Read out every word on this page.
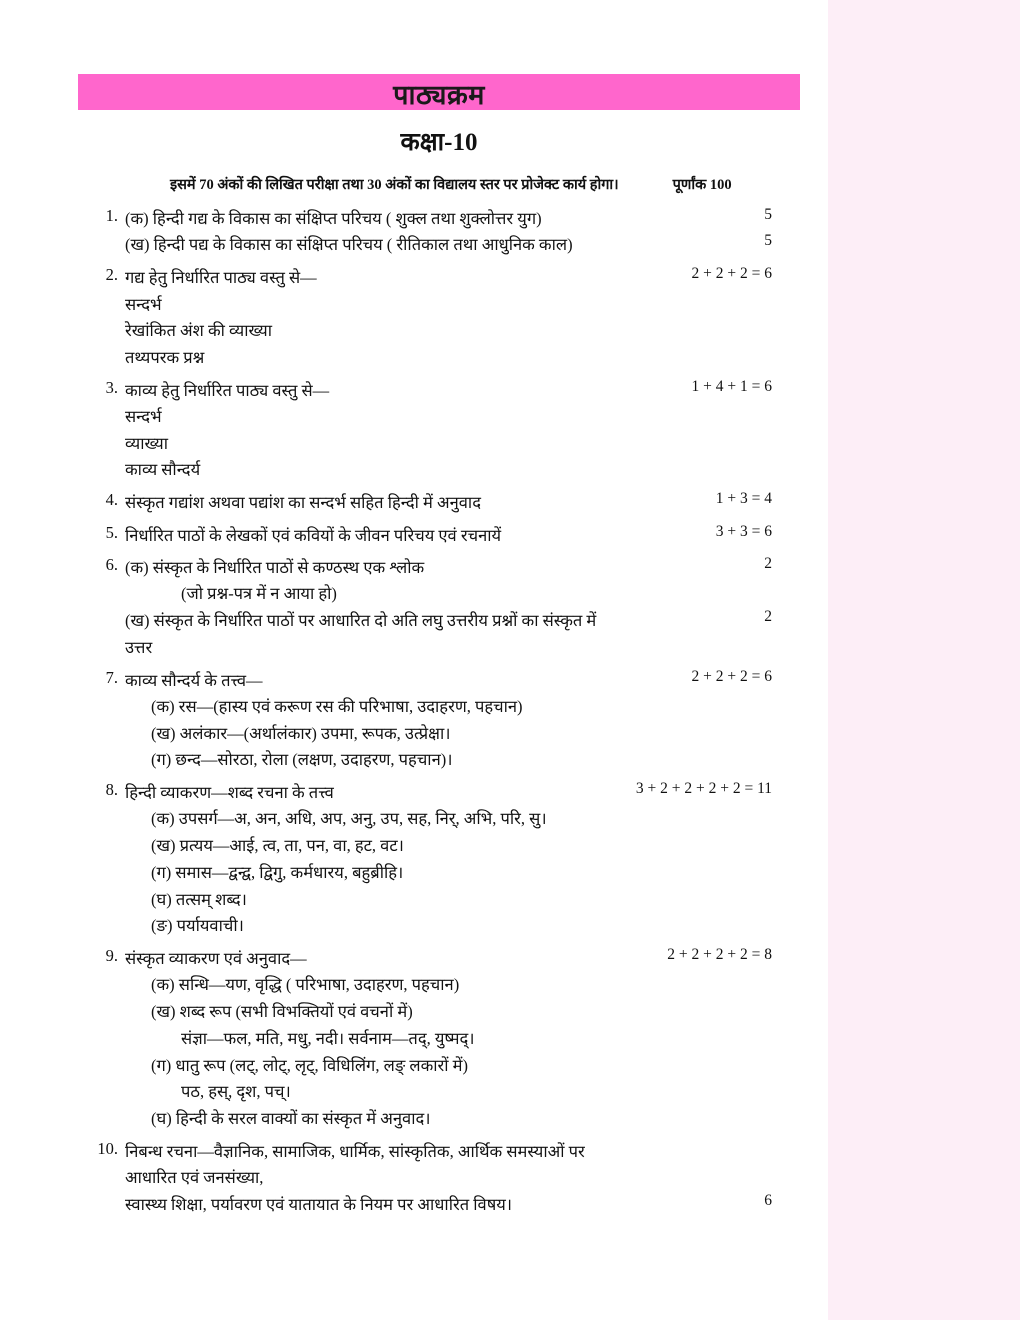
पाठ्यक्रम
कक्षा-10
इसमें 70 अंकों की लिखित परीक्षा तथा 30 अंकों का विद्यालय स्तर पर प्रोजेक्ट कार्य होगा।	पूर्णांक 100
1.	(क) हिन्दी गद्य के विकास का संक्षिप्त परिचय ( शुक्ल तथा शुक्लोत्तर युग)	5

	(ख) हिन्दी पद्य के विकास का संक्षिप्त परिचय ( रीतिकाल तथा आधुनिक काल)	5
2.	गद्य हेतु निर्धारित पाठ्य वस्तु से—	2 + 2 + 2 = 6

	सन्दर्भ	

	रेखांकित अंश की व्याख्या	

	तथ्यपरक प्रश्न	

3.	काव्य हेतु निर्धारित पाठ्य वस्तु से—	1 + 4 + 1 = 6

	सन्दर्भ	

	व्याख्या	

	काव्य सौन्दर्य	

4.	संस्कृत गद्यांश अथवा पद्यांश का सन्दर्भ सहित हिन्दी में अनुवाद	1 + 3 = 4
5.	निर्धारित पाठों के लेखकों एवं कवियों के जीवन परिचय एवं रचनायें	3 + 3 = 6
6.	(क) संस्कृत के निर्धारित पाठों से कण्ठस्थ एक श्लोक	2

	(जो प्रश्न-पत्र में न आया हो)	

	(ख) संस्कृत के निर्धारित पाठों पर आधारित दो अति लघु उत्तरीय प्रश्नों का संस्कृत में उत्तर	2
7.	काव्य सौन्दर्य के तत्त्व—	2 + 2 + 2 = 6

	(क) रस—(हास्य एवं करूण रस की परिभाषा, उदाहरण, पहचान)	

	(ख) अलंकार—(अर्थालंकार) उपमा, रूपक, उत्प्रेक्षा।	

	(ग) छन्द—सोरठा, रोला (लक्षण, उदाहरण, पहचान)।	

8.	हिन्दी व्याकरण—शब्द रचना के तत्त्व	3 + 2 + 2 + 2 + 2 = 11

	(क) उपसर्ग—अ, अन, अधि, अप, अनु, उप, सह, निर्, अभि, परि, सु।	

	(ख) प्रत्यय—आई, त्व, ता, पन, वा, हट, वट।	

	(ग) समास—द्वन्द्व, द्विगु, कर्मधारय, बहुब्रीहि।	

	(घ) तत्सम् शब्द।	

	(ङ) पर्यायवाची।	

9.	संस्कृत व्याकरण एवं अनुवाद—	2 + 2 + 2 + 2 = 8

	(क) सन्धि—यण, वृद्धि ( परिभाषा, उदाहरण, पहचान)	

	(ख) शब्द रूप (सभी विभक्तियों एवं वचनों में)	

	संज्ञा—फल, मति, मधु, नदी। सर्वनाम—तद्, युष्मद्।	

	(ग) धातु रूप (लट्, लोट्, लृट्, विधिलिंग, लङ् लकारों में)	

	पठ, हस्, दृश, पच्।	

	(घ) हिन्दी के सरल वाक्यों का संस्कृत में अनुवाद।	

10.	निबन्ध रचना—वैज्ञानिक, सामाजिक, धार्मिक, सांस्कृतिक, आर्थिक समस्याओं पर आधारित एवं जनसंख्या,	

	स्वास्थ्य शिक्षा, पर्यावरण एवं यातायात के नियम पर आधारित विषय।	6
